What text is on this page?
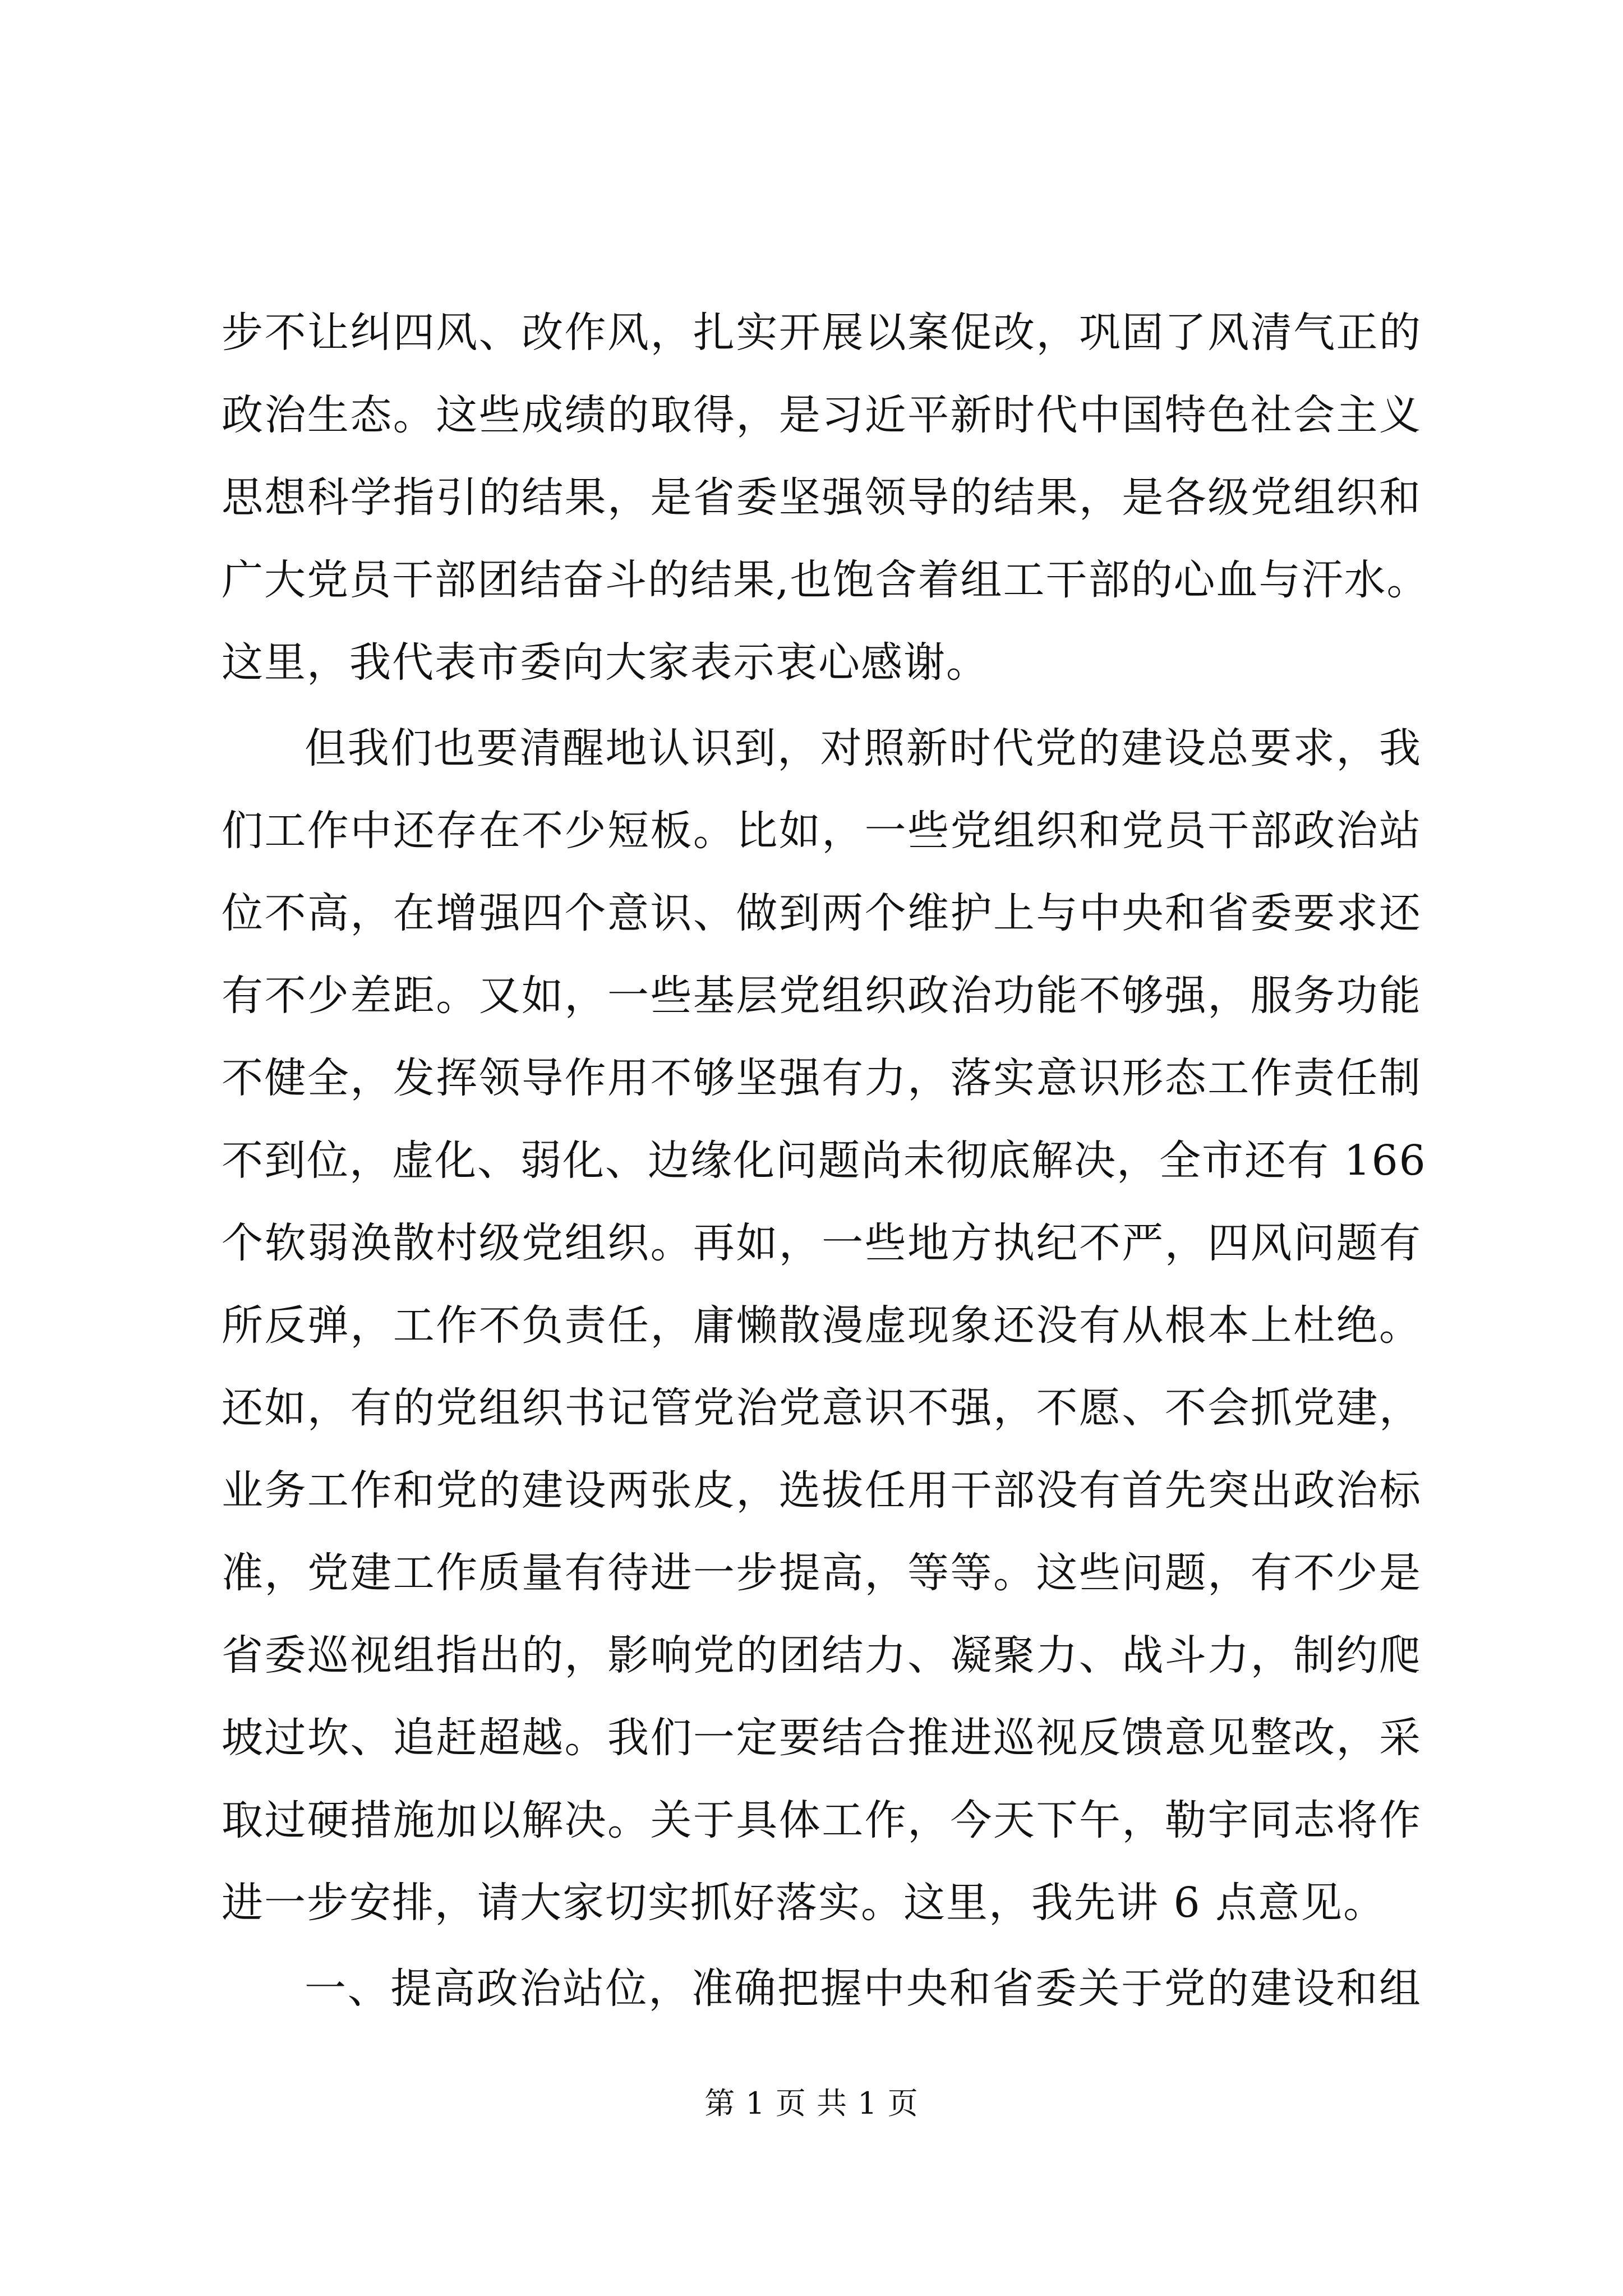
步不让纠四风、改作风，扎实开展以案促改，巩固了风清气正的
政治生态。这些成绩的取得，是习近平新时代中国特色社会主义
思想科学指引的结果，是省委坚强领导的结果，是各级党组织和
广大党员干部团结奋斗的结果,也饱含着组工干部的心血与汗水。
这里，我代表市委向大家表示衷心感谢。
但我们也要清醒地认识到，对照新时代党的建设总要求，我
们工作中还存在不少短板。比如，一些党组织和党员干部政治站
位不高，在增强四个意识、做到两个维护上与中央和省委要求还
有不少差距。又如，一些基层党组织政治功能不够强，服务功能
不健全，发挥领导作用不够坚强有力，落实意识形态工作责任制
不到位，虚化、弱化、边缘化问题尚未彻底解决，全市还有 166
个软弱涣散村级党组织。再如，一些地方执纪不严，四风问题有
所反弹，工作不负责任，庸懒散漫虚现象还没有从根本上杜绝。
还如，有的党组织书记管党治党意识不强，不愿、不会抓党建，
业务工作和党的建设两张皮，选拔任用干部没有首先突出政治标
准，党建工作质量有待进一步提高，等等。这些问题，有不少是
省委巡视组指出的，影响党的团结力、凝聚力、战斗力，制约爬
坡过坎、追赶超越。我们一定要结合推进巡视反馈意见整改，采
取过硬措施加以解决。关于具体工作，今天下午，勒宇同志将作
进一步安排，请大家切实抓好落实。这里，我先讲 6 点意见。
一、提高政治站位，准确把握中央和省委关于党的建设和组
第 1 页 共 1 页
